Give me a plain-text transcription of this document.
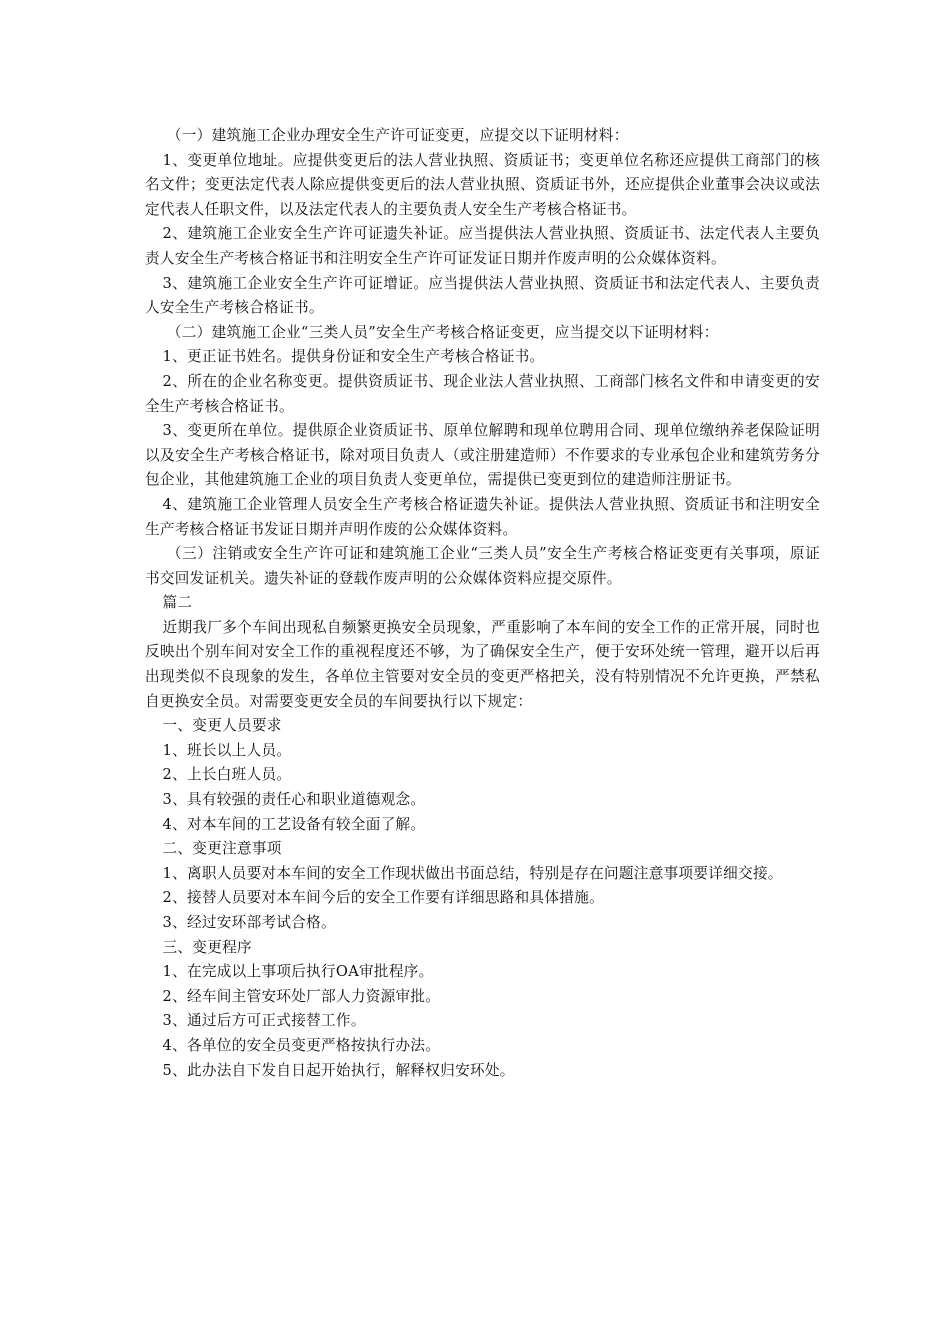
（一）建筑施工企业办理安全生产许可证变更，应提交以下证明材料：

1、变更单位地址。应提供变更后的法人营业执照、资质证书；变更单位名称还应提供工商部门的核名文件；变更法定代表人除应提供变更后的法人营业执照、资质证书外，还应提供企业董事会决议或法定代表人任职文件，以及法定代表人的主要负责人安全生产考核合格证书。

2、建筑施工企业安全生产许可证遗失补证。应当提供法人营业执照、资质证书、法定代表人主要负责人安全生产考核合格证书和注明安全生产许可证发证日期并作废声明的公众媒体资料。

3、建筑施工企业安全生产许可证增证。应当提供法人营业执照、资质证书和法定代表人、主要负责人安全生产考核合格证书。

（二）建筑施工企业“三类人员”安全生产考核合格证变更，应当提交以下证明材料：

1、更正证书姓名。提供身份证和安全生产考核合格证书。

2、所在的企业名称变更。提供资质证书、现企业法人营业执照、工商部门核名文件和申请变更的安全生产考核合格证书。

3、变更所在单位。提供原企业资质证书、原单位解聘和现单位聘用合同、现单位缴纳养老保险证明以及安全生产考核合格证书，除对项目负责人（或注册建造师）不作要求的专业承包企业和建筑劳务分包企业，其他建筑施工企业的项目负责人变更单位，需提供已变更到位的建造师注册证书。

4、建筑施工企业管理人员安全生产考核合格证遗失补证。提供法人营业执照、资质证书和注明安全生产考核合格证书发证日期并声明作废的公众媒体资料。

（三）注销或安全生产许可证和建筑施工企业“三类人员”安全生产考核合格证变更有关事项，原证书交回发证机关。遗失补证的登载作废声明的公众媒体资料应提交原件。

篇二

近期我厂多个车间出现私自频繁更换安全员现象，严重影响了本车间的安全工作的正常开展，同时也反映出个别车间对安全工作的重视程度还不够，为了确保安全生产，便于安环处统一管理，避开以后再出现类似不良现象的发生，各单位主管要对安全员的变更严格把关，没有特别情况不允许更换，严禁私自更换安全员。对需要变更安全员的车间要执行以下规定：

一、变更人员要求

1、班长以上人员。

2、上长白班人员。

3、具有较强的责任心和职业道德观念。

4、对本车间的工艺设备有较全面了解。

二、变更注意事项

1、离职人员要对本车间的安全工作现状做出书面总结，特别是存在问题注意事项要详细交接。

2、接替人员要对本车间今后的安全工作要有详细思路和具体措施。

3、经过安环部考试合格。

三、变更程序

1、在完成以上事项后执行OA审批程序。

2、经车间主管安环处厂部人力资源审批。

3、通过后方可正式接替工作。

4、各单位的安全员变更严格按执行办法。

5、此办法自下发自日起开始执行，解释权归安环处。
